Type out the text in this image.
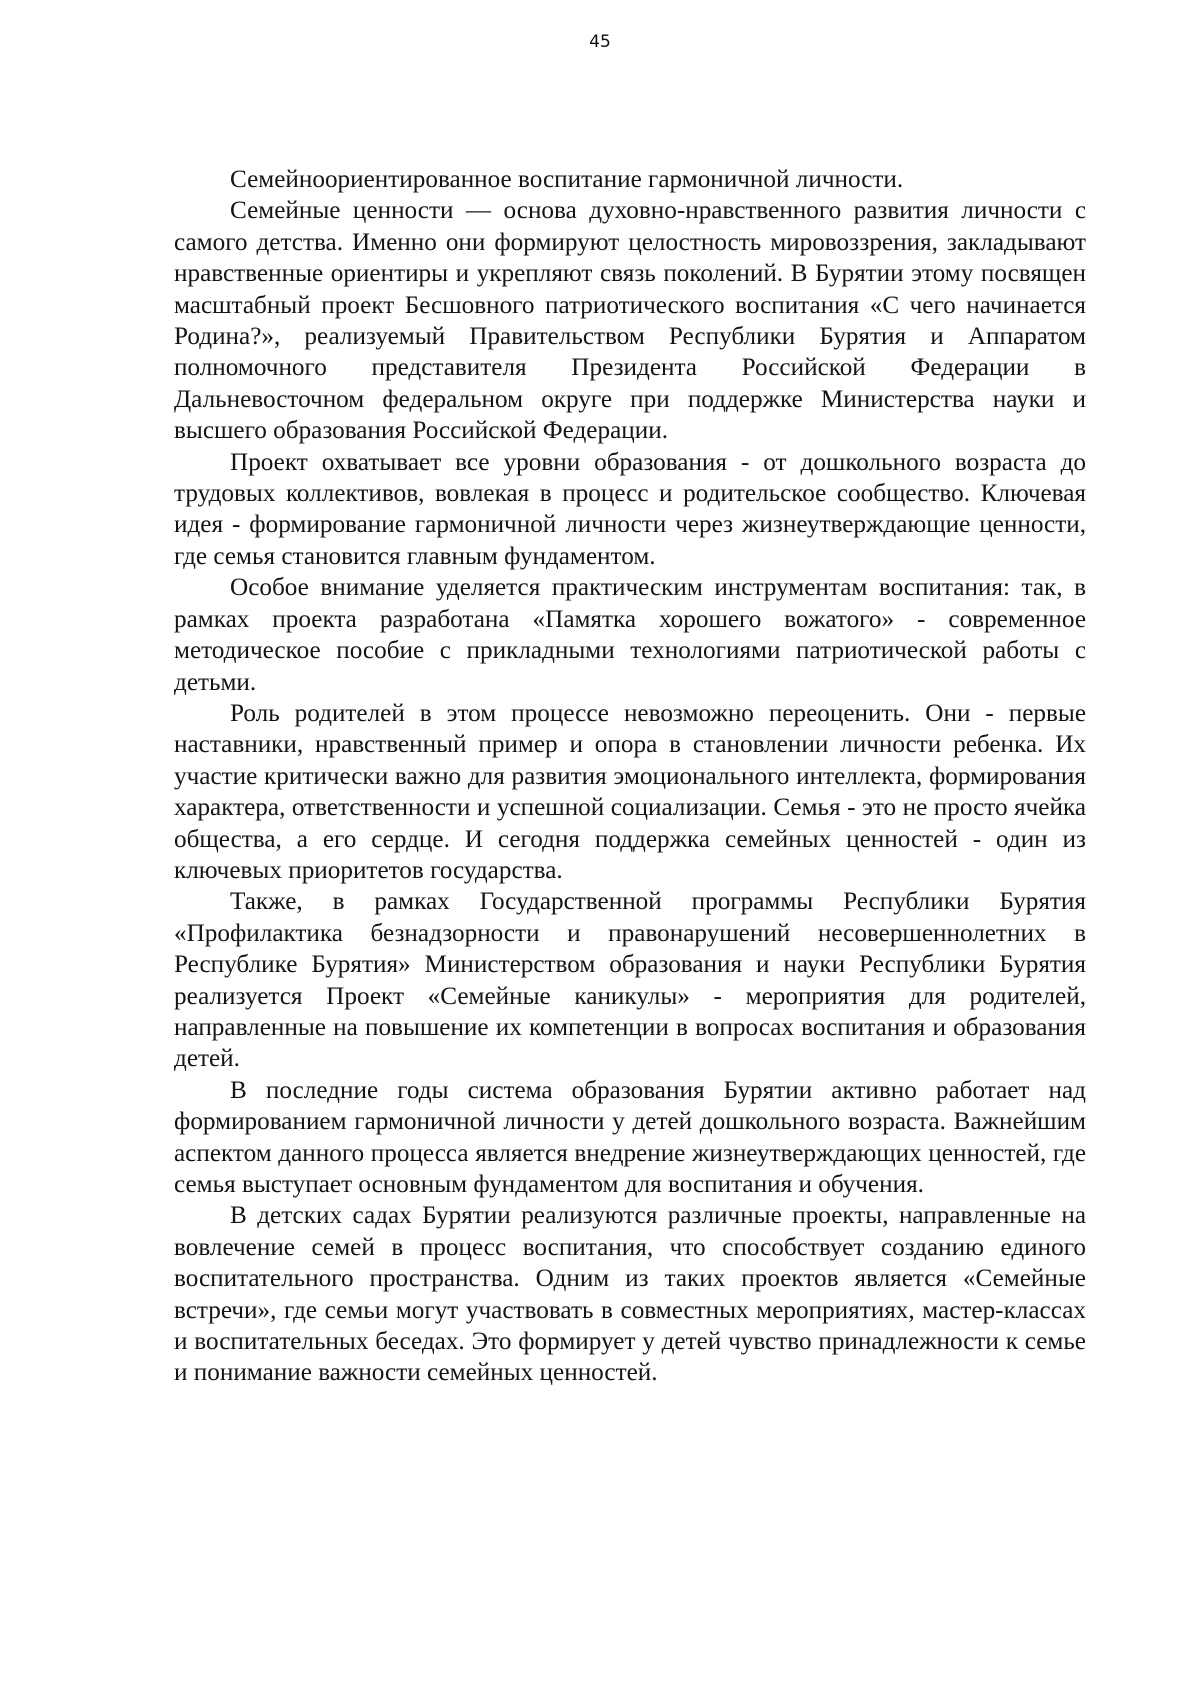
45

Семейноориентированное воспитание гармоничной личности.

Семейные ценности — основа духовно-нравственного развития личности с самого детства. Именно они формируют целостность мировоззрения, закладывают нравственные ориентиры и укрепляют связь поколений. В Бурятии этому посвящен масштабный проект Бесшовного патриотического воспитания «С чего начинается Родина?», реализуемый Правительством Республики Бурятия и Аппаратом полномочного представителя Президента Российской Федерации в Дальневосточном федеральном округе при поддержке Министерства науки и высшего образования Российской Федерации.

Проект охватывает все уровни образования - от дошкольного возраста до трудовых коллективов, вовлекая в процесс и родительское сообщество. Ключевая идея - формирование гармоничной личности через жизнеутверждающие ценности, где семья становится главным фундаментом.

Особое внимание уделяется практическим инструментам воспитания: так, в рамках проекта разработана «Памятка хорошего вожатого» - современное методическое пособие с прикладными технологиями патриотической работы с детьми.

Роль родителей в этом процессе невозможно переоценить. Они - первые наставники, нравственный пример и опора в становлении личности ребенка. Их участие критически важно для развития эмоционального интеллекта, формирования характера, ответственности и успешной социализации. Семья - это не просто ячейка общества, а его сердце. И сегодня поддержка семейных ценностей - один из ключевых приоритетов государства.

Также, в рамках Государственной программы Республики Бурятия «Профилактика безнадзорности и правонарушений несовершеннолетних в Республике Бурятия» Министерством образования и науки Республики Бурятия реализуется Проект «Семейные каникулы» - мероприятия для родителей, направленные на повышение их компетенции в вопросах воспитания и образования детей.

В последние годы система образования Бурятии активно работает над формированием гармоничной личности у детей дошкольного возраста. Важнейшим аспектом данного процесса является внедрение жизнеутверждающих ценностей, где семья выступает основным фундаментом для воспитания и обучения.

В детских садах Бурятии реализуются различные проекты, направленные на вовлечение семей в процесс воспитания, что способствует созданию единого воспитательного пространства. Одним из таких проектов является «Семейные встречи», где семьи могут участвовать в совместных мероприятиях, мастер-классах и воспитательных беседах. Это формирует у детей чувство принадлежности к семье и понимание важности семейных ценностей.
